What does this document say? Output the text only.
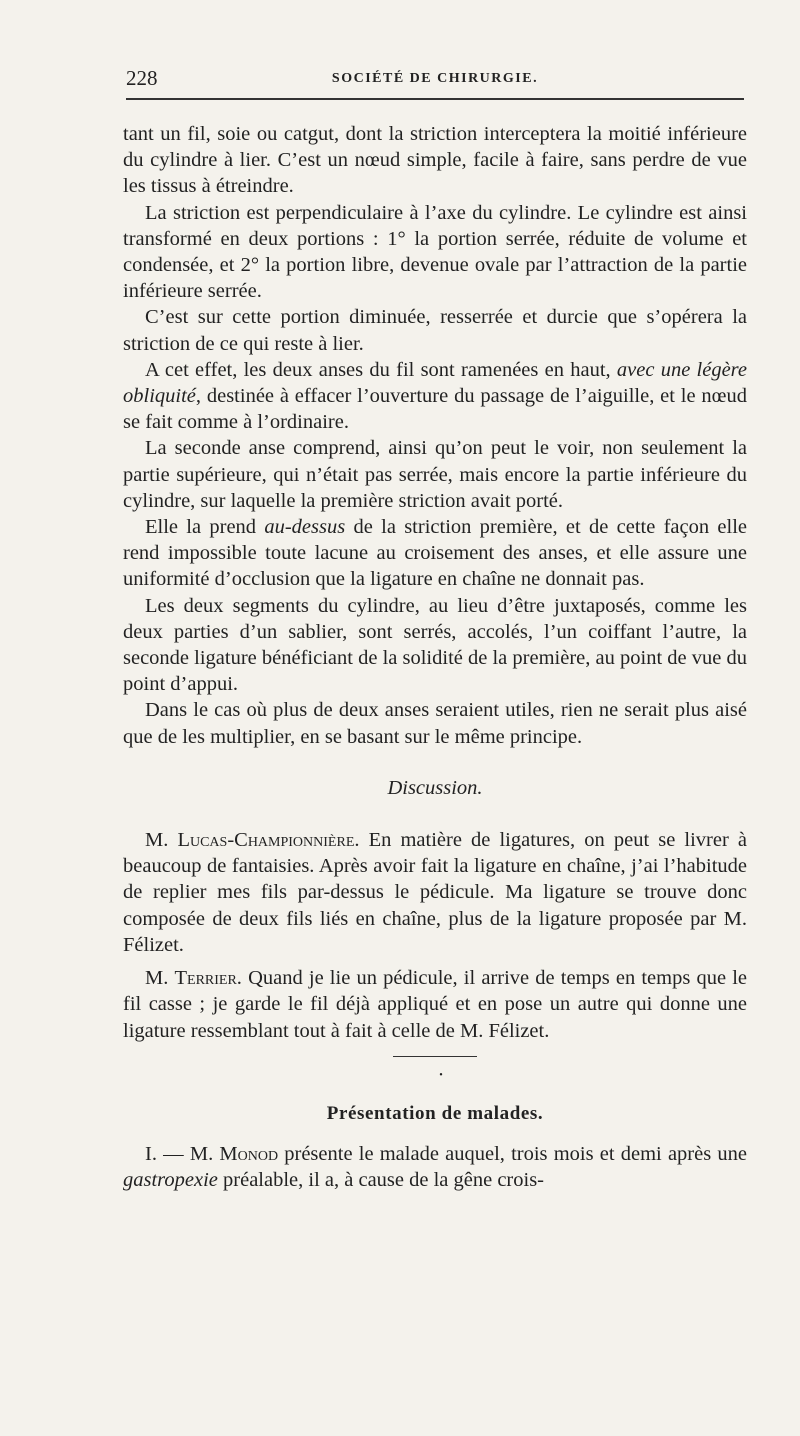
228	SOCIÉTÉ DE CHIRURGIE.

tant un fil, soie ou catgut, dont la striction interceptera la moitié inférieure du cylindre à lier. C’est un nœud simple, facile à faire, sans perdre de vue les tissus à étreindre.

La striction est perpendiculaire à l’axe du cylindre. Le cylindre est ainsi transformé en deux portions : 1° la portion serrée, réduite de volume et condensée, et 2° la portion libre, devenue ovale par l’attraction de la partie inférieure serrée.

C’est sur cette portion diminuée, resserrée et durcie que s’opérera la striction de ce qui reste à lier.

A cet effet, les deux anses du fil sont ramenées en haut, avec une légère obliquité, destinée à effacer l’ouverture du passage de l’aiguille, et le nœud se fait comme à l’ordinaire.

La seconde anse comprend, ainsi qu’on peut le voir, non seulement la partie supérieure, qui n’était pas serrée, mais encore la partie inférieure du cylindre, sur laquelle la première striction avait porté.

Elle la prend au-dessus de la striction première, et de cette façon elle rend impossible toute lacune au croisement des anses, et elle assure une uniformité d’occlusion que la ligature en chaîne ne donnait pas.

Les deux segments du cylindre, au lieu d’être juxtaposés, comme les deux parties d’un sablier, sont serrés, accolés, l’un coiffant l’autre, la seconde ligature bénéficiant de la solidité de la première, au point de vue du point d’appui.

Dans le cas où plus de deux anses seraient utiles, rien ne serait plus aisé que de les multiplier, en se basant sur le même principe.

Discussion.

M. Lucas-Championnière. En matière de ligatures, on peut se livrer à beaucoup de fantaisies. Après avoir fait la ligature en chaîne, j’ai l’habitude de replier mes fils par-dessus le pédicule. Ma ligature se trouve donc composée de deux fils liés en chaîne, plus de la ligature proposée par M. Félizet.

M. Terrier. Quand je lie un pédicule, il arrive de temps en temps que le fil casse ; je garde le fil déjà appliqué et en pose un autre qui donne une ligature ressemblant tout à fait à celle de M. Félizet.

•
Présentation de malades.

I. — M. Monod présente le malade auquel, trois mois et demi après une gastropexie préalable, il a, à cause de la gêne crois-
